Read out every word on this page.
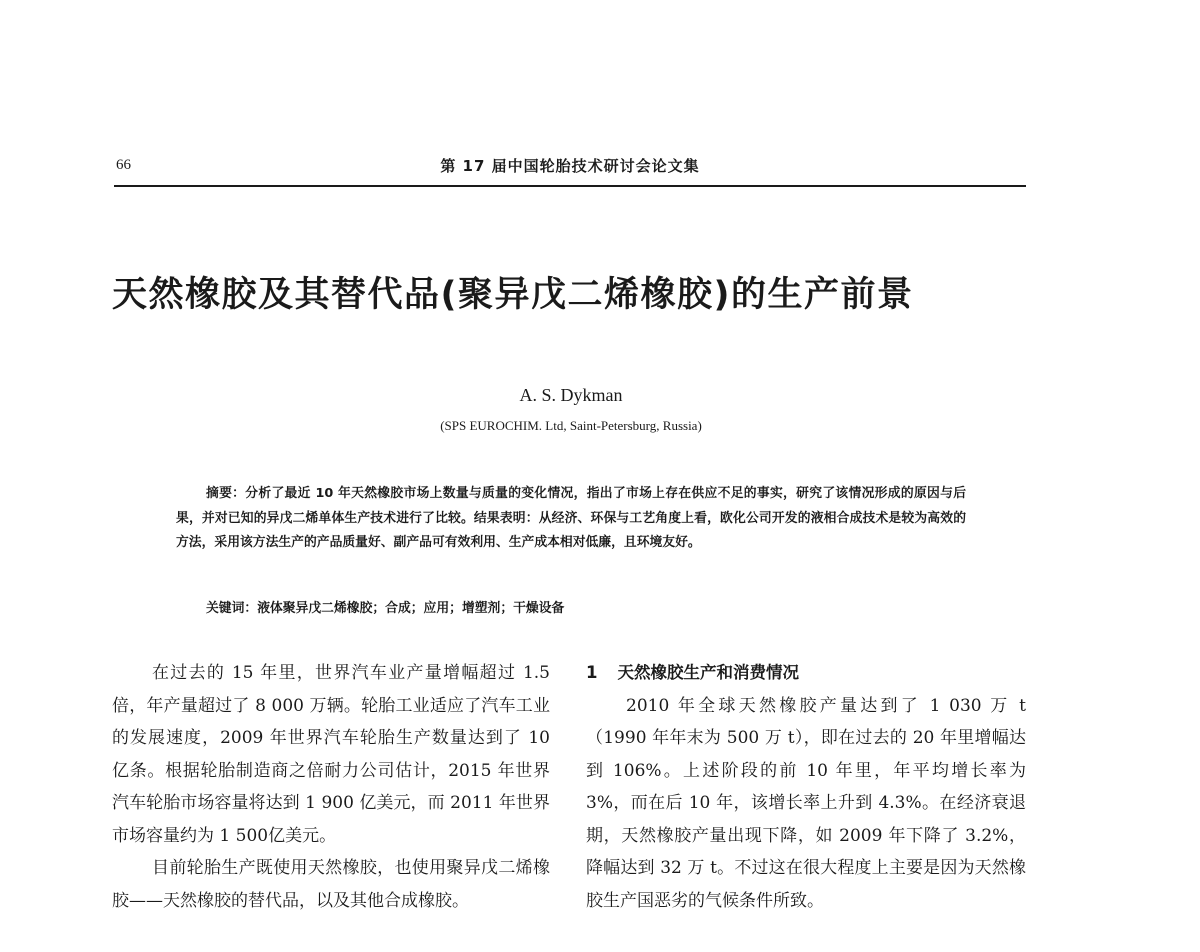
66	第 17 届中国轮胎技术研讨会论文集
天然橡胶及其替代品(聚异戊二烯橡胶)的生产前景
A. S. Dykman
(SPS EUROCHIM. Ltd, Saint-Petersburg, Russia)

摘要：分析了最近 10 年天然橡胶市场上数量与质量的变化情况，指出了市场上存在供应不足的事实，研究了该情况形成的原因与后果，并对已知的异戊二烯单体生产技术进行了比较。结果表明：从经济、环保与工艺角度上看，欧化公司开发的液相合成技术是较为高效的方法，采用该方法生产的产品质量好、副产品可有效利用、生产成本相对低廉，且环境友好。

关键词：液体聚异戊二烯橡胶；合成；应用；增塑剂；干燥设备

在过去的 15 年里，世界汽车业产量增幅超过 1.5 倍，年产量超过了 8 000 万辆。轮胎工业适应了汽车工业的发展速度，2009 年世界汽车轮胎生产数量达到了 10 亿条。根据轮胎制造商之倍耐力公司估计，2015 年世界汽车轮胎市场容量将达到 1 900 亿美元，而 2011 年世界市场容量约为 1 500亿美元。

目前轮胎生产既使用天然橡胶，也使用聚异戊二烯橡胶——天然橡胶的替代品，以及其他合成橡胶。

1 天然橡胶生产和消费情况

2010 年全球天然橡胶产量达到了 1 030 万 t（1990 年年末为 500 万 t），即在过去的 20 年里增幅达到 106%。上述阶段的前 10 年里，年平均增长率为 3%，而在后 10 年，该增长率上升到 4.3%。在经济衰退期，天然橡胶产量出现下降，如 2009 年下降了 3.2%，降幅达到 32 万 t。不过这在很大程度上主要是因为天然橡胶生产国恶劣的气候条件所致。
